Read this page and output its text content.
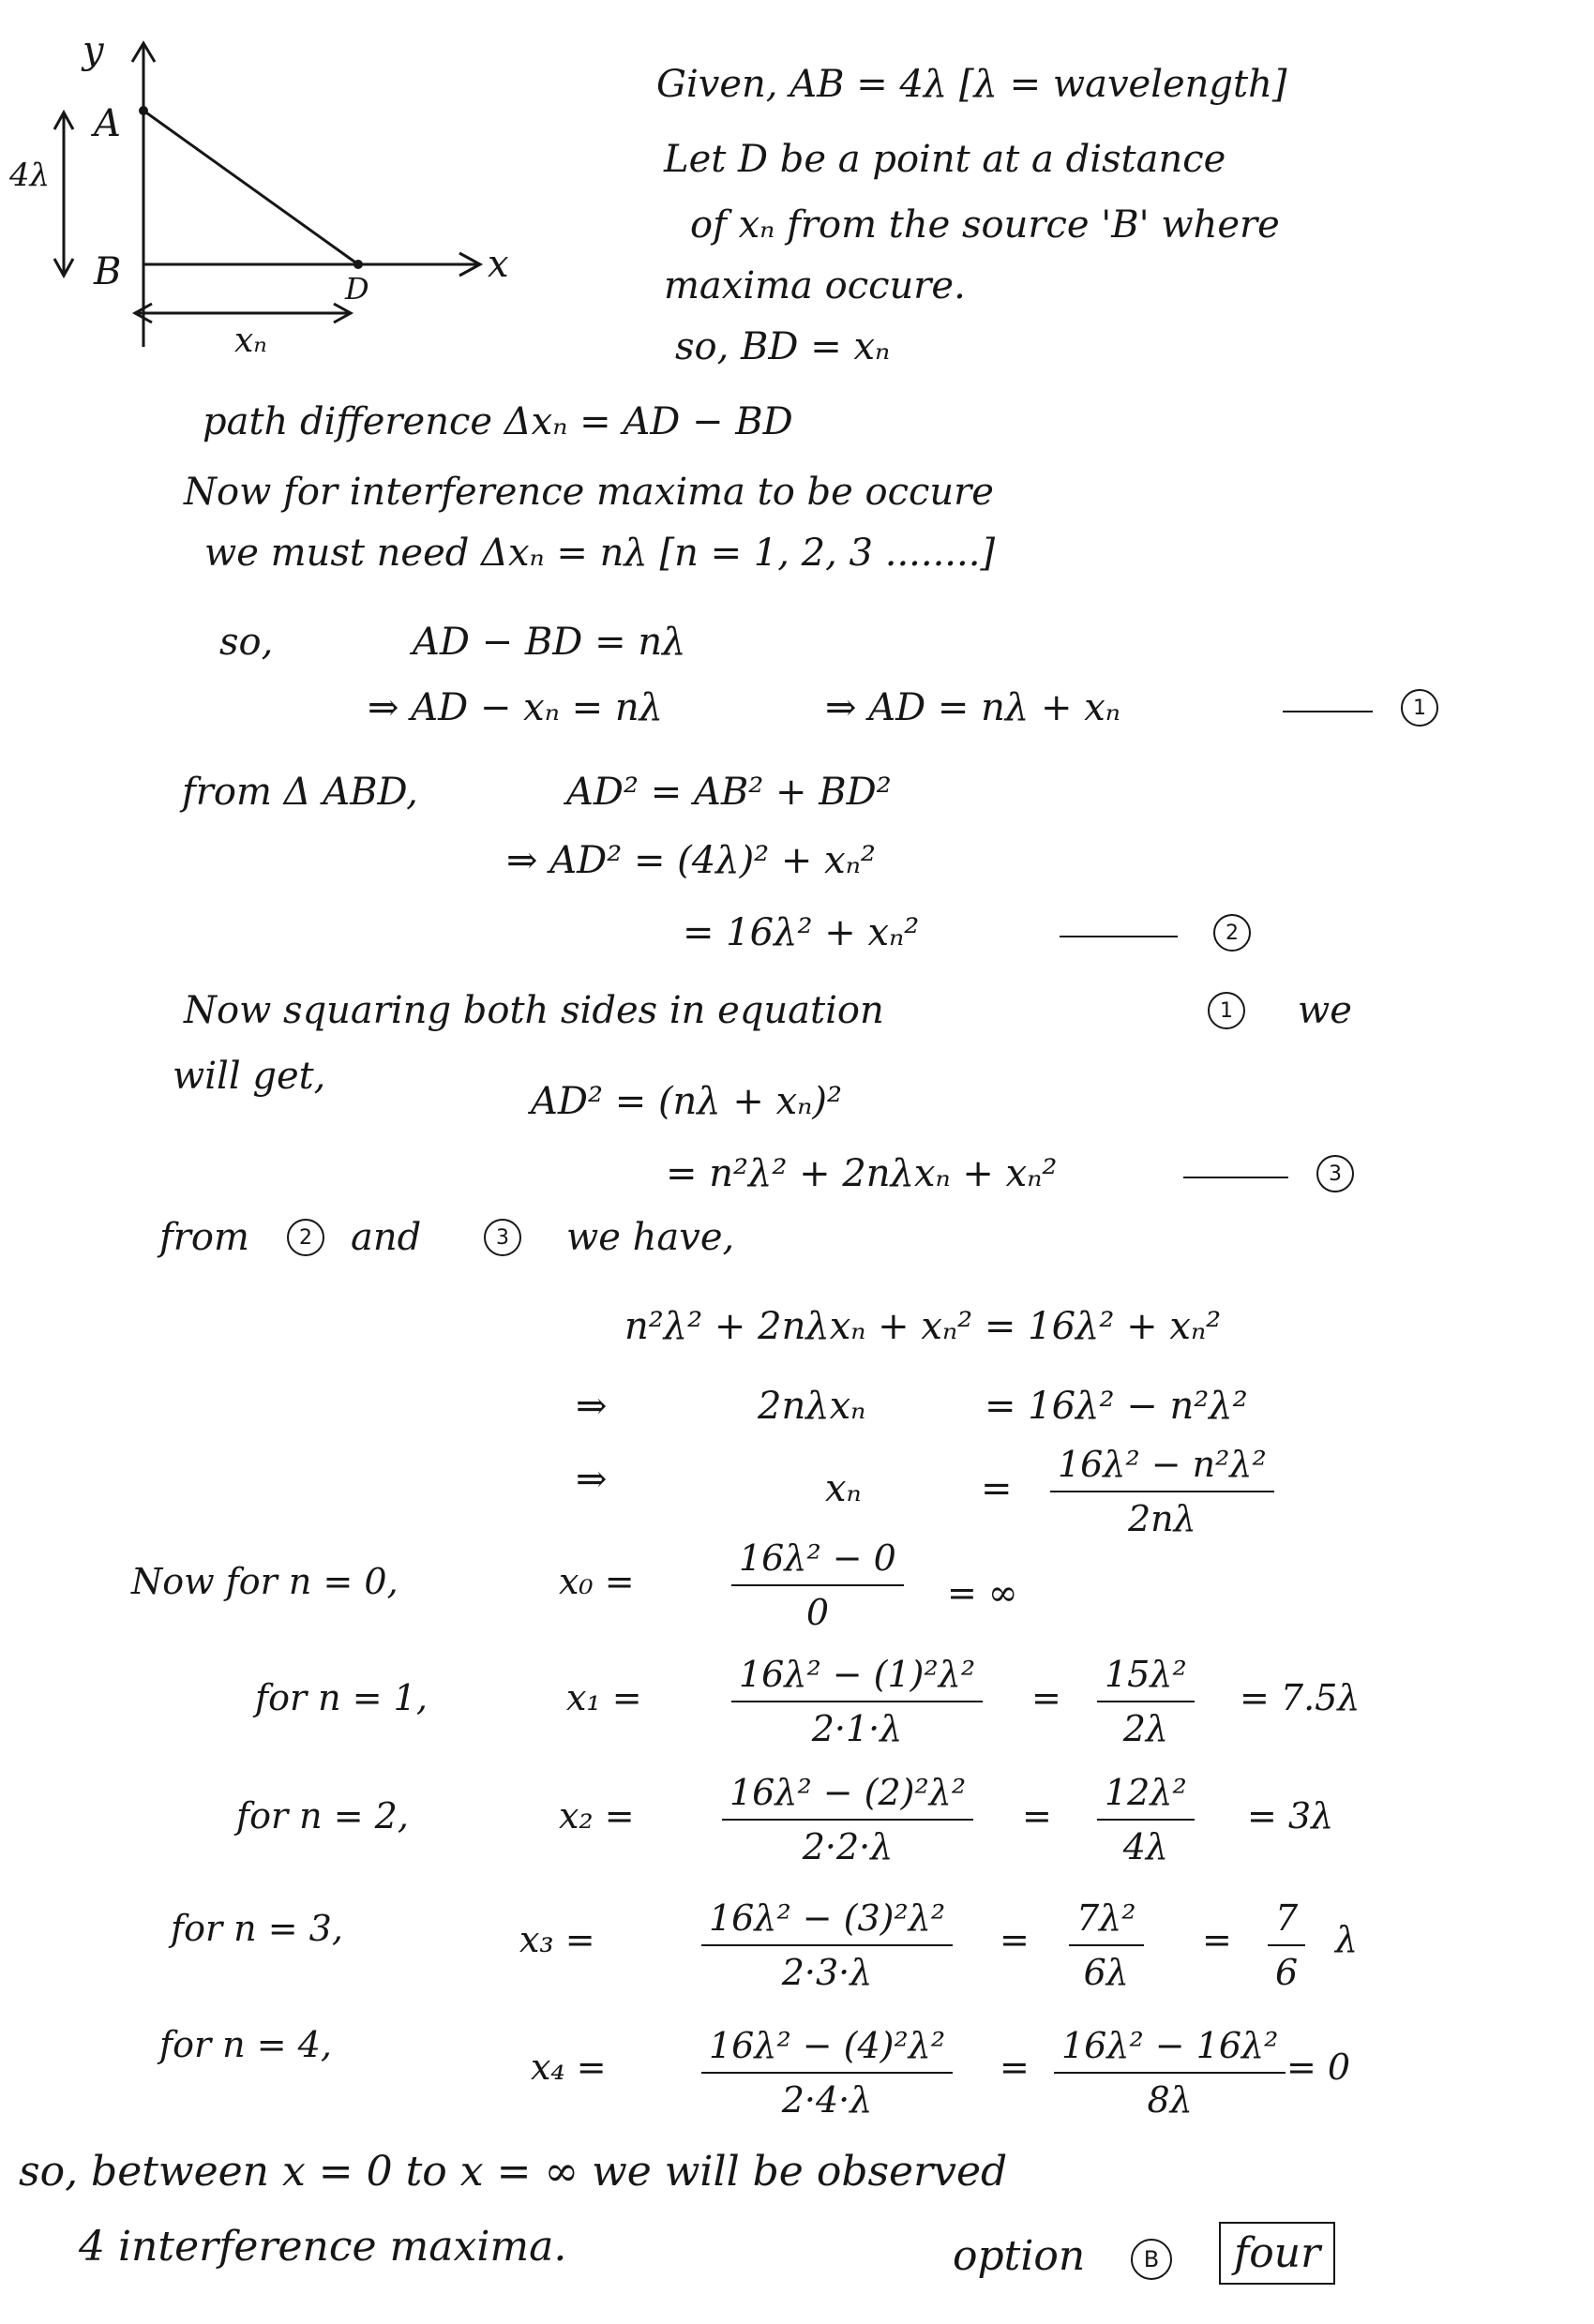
y
x
A
B	D
4λ
xₙ
Given, AB = 4λ [λ = wavelength]
Let D be a point at a distance
of xₙ from the source 'B' where
maxima occure.
so, BD = xₙ
path difference Δxₙ = AD − BD
Now for interference maxima to be occure
we must need Δxₙ = nλ [n = 1, 2, 3 ........]
so,	AD − BD = nλ
⇒ AD − xₙ = nλ	⇒ AD = nλ + xₙ	1
from Δ ABD,	AD² = AB² + BD²
⇒ AD² = (4λ)² + xₙ²
= 16λ² + xₙ²	2
Now squaring both sides in equation	1	we
will get,
AD² = (nλ + xₙ)²
= n²λ² + 2nλxₙ + xₙ²	3
from	2	and	3	we have,
n²λ² + 2nλxₙ + xₙ² = 16λ² + xₙ²
⇒	2nλxₙ	= 16λ² − n²λ²
⇒	xₙ	= $\frac{\text{16λ² − n²λ²}}{2n\lambda}$
Now for n = 0,	x₀ =	$\frac{\text{16λ² − 0}}{0}$ = ∞
for n = 1,	x₁ =	$\frac{\text{16λ² − (1)²λ²}}{2\cdot 1\cdot\lambda} = \frac{\text{15λ²}}{2\lambda} = 7.5\lambda$
for n = 2,	$x_2 = \frac{\text{16λ² − (2)²λ²}}{2\cdot 2\cdot\lambda} = \frac{\text{12λ²}}{4\lambda} = 3\lambda$
for n = 3,	x₃ =	$\frac{\text{16λ² − (3)²λ²}}{2\cdot 3\cdot\lambda} = \frac{\text{7λ²}}{6\lambda} = \frac{7}{6}$ λ
for n = 4,
x₄ =	$\frac{\text{16λ² − (4)²λ²}}{2\cdot 4\cdot\lambda} = \frac{\text{16λ² − 16λ²}}{8\lambda} = 0$
so, between x = 0 to x = ∞ we will be observed
4 interference maxima.	option	B	four
